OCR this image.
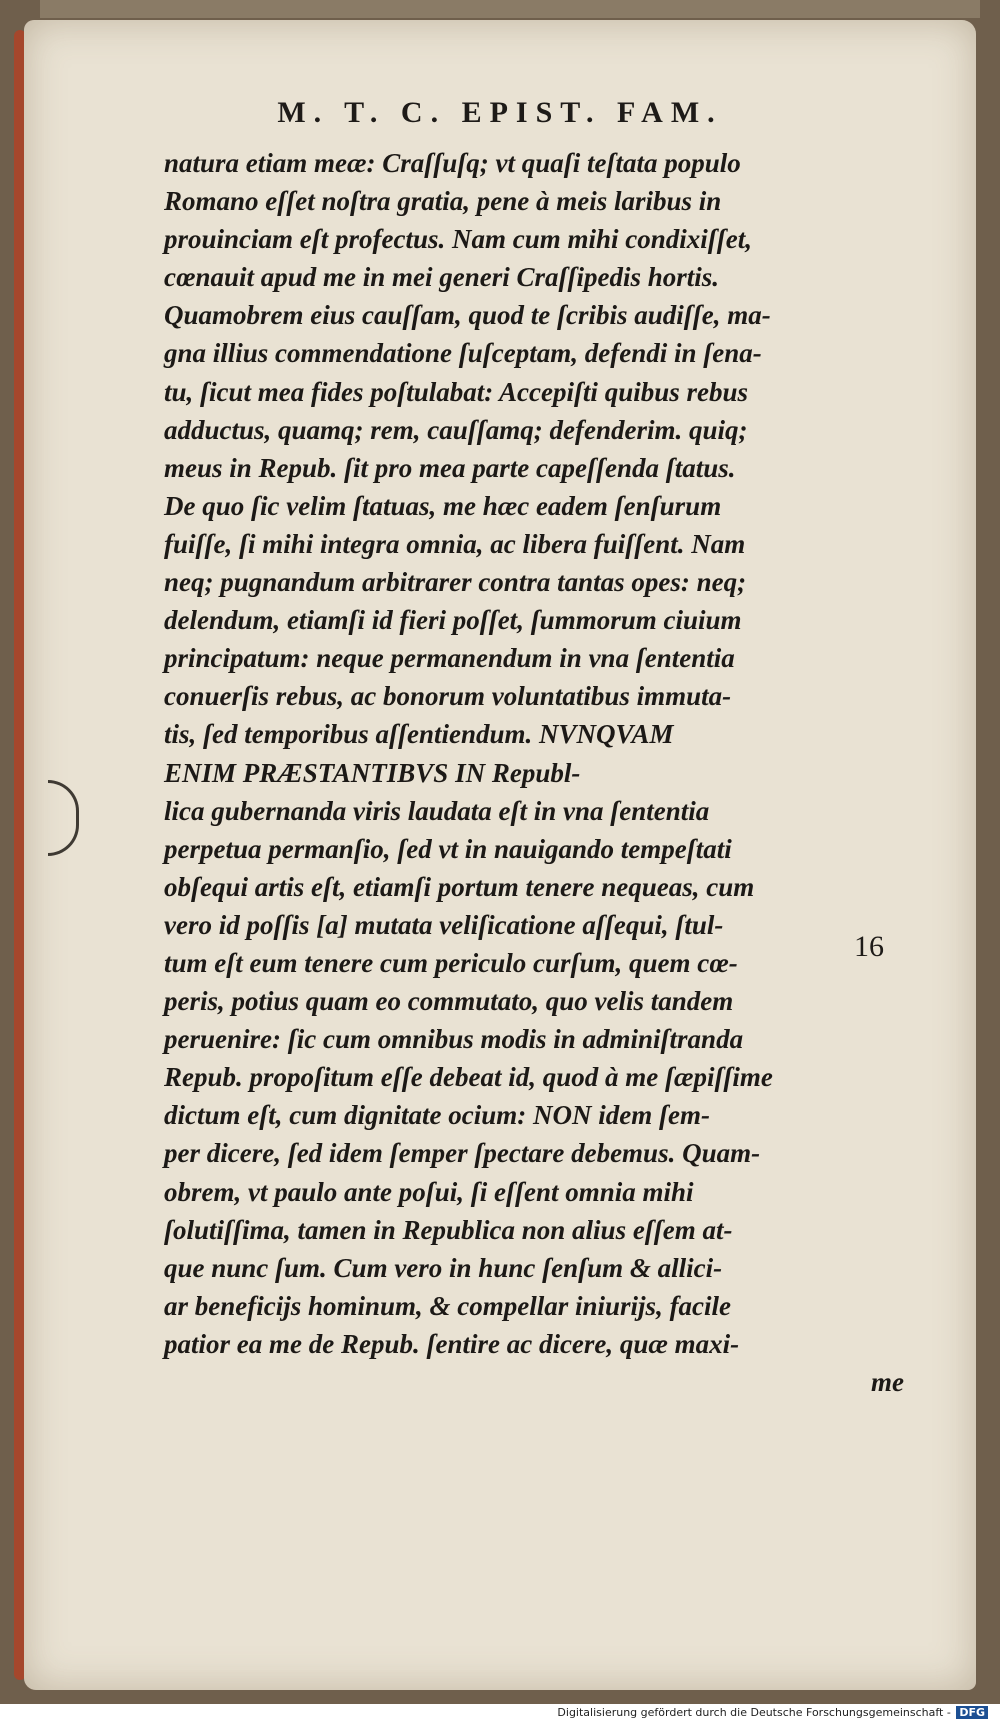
M. T. C. EPIST. FAM.
natura etiam meæ: Craſſuſq; vt quaſi teſtata populo
Romano eſſet noſtra gratia, pene à meis laribus in
prouinciam eſt profectus. Nam cum mihi condixiſſet,
cœnauit apud me in mei generi Craſſipedis hortis.
Quamobrem eius cauſſam, quod te ſcribis audiſſe, ma-
gna illius commendatione ſuſceptam, defendi in ſena-
tu, ſicut mea fides poſtulabat: Accepiſti quibus rebus
adductus, quamq; rem, cauſſamq; defenderim. quiq;
meus in Repub. ſit pro mea parte capeſſenda ſtatus.
De quo ſic velim ſtatuas, me hæc eadem ſenſurum
fuiſſe, ſi mihi integra omnia, ac libera fuiſſent. Nam
neq; pugnandum arbitrarer contra tantas opes: neq;
delendum, etiamſi id fieri poſſet, ſummorum ciuium
principatum: neque permanendum in vna ſententia
conuerſis rebus, ac bonorum voluntatibus immuta-
tis, ſed temporibus aſſentiendum. NVNQVAM
ENIM PRÆSTANTIBVS IN Republ-
lica gubernanda viris laudata eſt in vna ſententia
perpetua permanſio, ſed vt in nauigando tempeſtati
obſequi artis eſt, etiamſi portum tenere nequeas, cum
vero id poſſis [a] mutata veliſicatione aſſequi, ſtul-
tum eſt eum tenere cum periculo curſum, quem cœ-
peris, potius quam eo commutato, quo velis tandem
peruenire: ſic cum omnibus modis in adminiſtranda
Repub. propoſitum eſſe debeat id, quod à me ſæpiſſime
dictum eſt, cum dignitate ocium: NON idem ſem-
per dicere, ſed idem ſemper ſpectare debemus. Quam-
obrem, vt paulo ante poſui, ſi eſſent omnia mihi
ſolutiſſima, tamen in Republica non alius eſſem at-
que nunc ſum. Cum vero in hunc ſenſum & allici-
ar beneficijs hominum, & compellar iniurijs, facile
patior ea me de Repub. ſentire ac dicere, quæ maxi-
me
16
Digitalisierung gefördert durch die Deutsche Forschungsgemeinschaft - DFG
